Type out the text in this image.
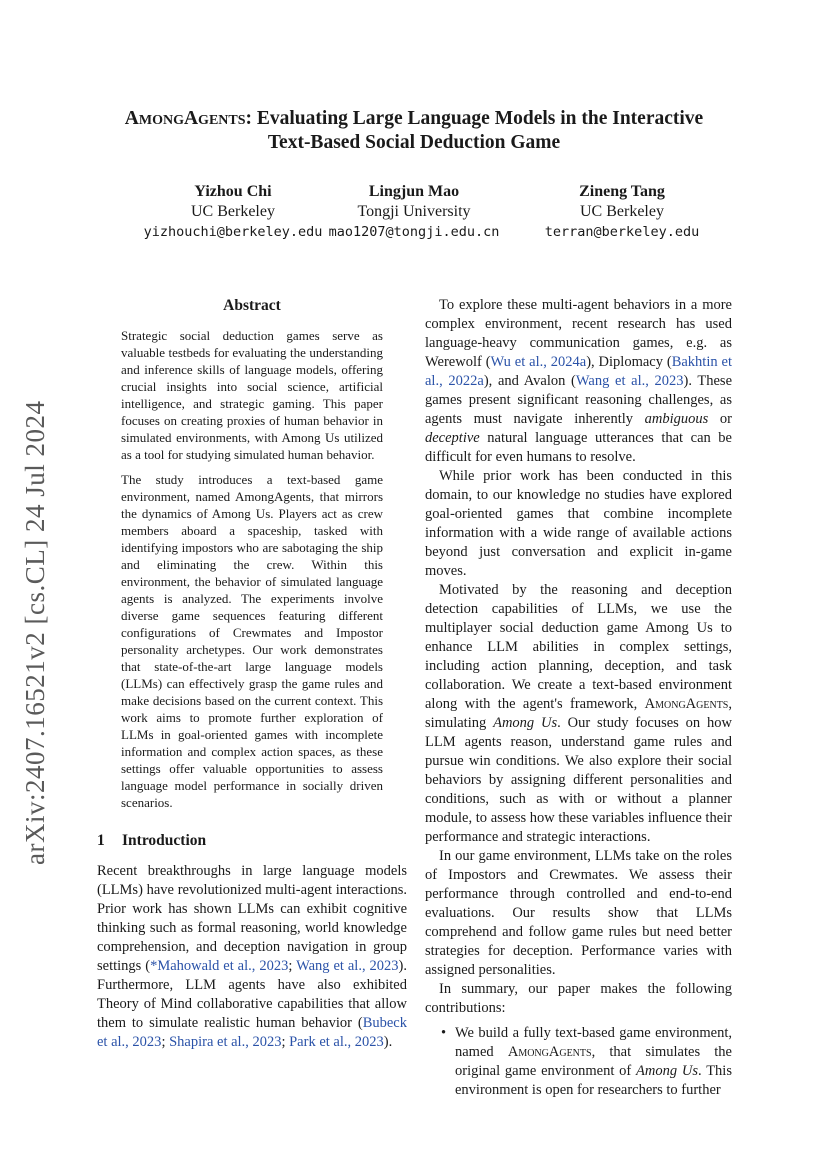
AmongAgents: Evaluating Large Language Models in the Interactive
Text-Based Social Deduction Game
Yizhou Chi
UC Berkeley
yizhouchi@berkeley.edu
Lingjun Mao
Tongji University
mao1207@tongji.edu.cn
Zineng Tang
UC Berkeley
terran@berkeley.edu
arXiv:2407.16521v2 [cs.CL] 24 Jul 2024
Abstract

Strategic social deduction games serve as valuable testbeds for evaluating the understanding and inference skills of language models, offering crucial insights into social science, artificial intelligence, and strategic gaming. This paper focuses on creating proxies of human behavior in simulated environments, with Among Us utilized as a tool for studying simulated human behavior.

The study introduces a text-based game environment, named AmongAgents, that mirrors the dynamics of Among Us. Players act as crew members aboard a spaceship, tasked with identifying impostors who are sabotaging the ship and eliminating the crew. Within this environment, the behavior of simulated language agents is analyzed. The experiments involve diverse game sequences featuring different configurations of Crewmates and Impostor personality archetypes. Our work demonstrates that state-of-the-art large language models (LLMs) can effectively grasp the game rules and make decisions based on the current context. This work aims to promote further exploration of LLMs in goal-oriented games with incomplete information and complex action spaces, as these settings offer valuable opportunities to assess language model performance in socially driven scenarios.

1 Introduction

Recent breakthroughs in large language models (LLMs) have revolutionized multi-agent interactions. Prior work has shown LLMs can exhibit cognitive thinking such as formal reasoning, world knowledge comprehension, and deception navigation in group settings (*Mahowald et al., 2023; Wang et al., 2023). Furthermore, LLM agents have also exhibited Theory of Mind collaborative capabilities that allow them to simulate realistic human behavior (Bubeck et al., 2023; Shapira et al., 2023; Park et al., 2023).

To explore these multi-agent behaviors in a more complex environment, recent research has used language-heavy communication games, e.g. as Werewolf (Wu et al., 2024a), Diplomacy (Bakhtin et al., 2022a), and Avalon (Wang et al., 2023). These games present significant reasoning challenges, as agents must navigate inherently ambiguous or deceptive natural language utterances that can be difficult for even humans to resolve.

While prior work has been conducted in this domain, to our knowledge no studies have explored goal-oriented games that combine incomplete information with a wide range of available actions beyond just conversation and explicit in-game moves.

Motivated by the reasoning and deception detection capabilities of LLMs, we use the multiplayer social deduction game Among Us to enhance LLM abilities in complex settings, including action planning, deception, and task collaboration. We create a text-based environment along with the agent's framework, AmongAgents, simulating Among Us. Our study focuses on how LLM agents reason, understand game rules and pursue win conditions. We also explore their social behaviors by assigning different personalities and conditions, such as with or without a planner module, to assess how these variables influence their performance and strategic interactions.

In our game environment, LLMs take on the roles of Impostors and Crewmates. We assess their performance through controlled and end-to-end evaluations. Our results show that LLMs comprehend and follow game rules but need better strategies for deception. Performance varies with assigned personalities.

In summary, our paper makes the following contributions:

• We build a fully text-based game environment, named AmongAgents, that simulates the original game environment of Among Us. This environment is open for researchers to further
